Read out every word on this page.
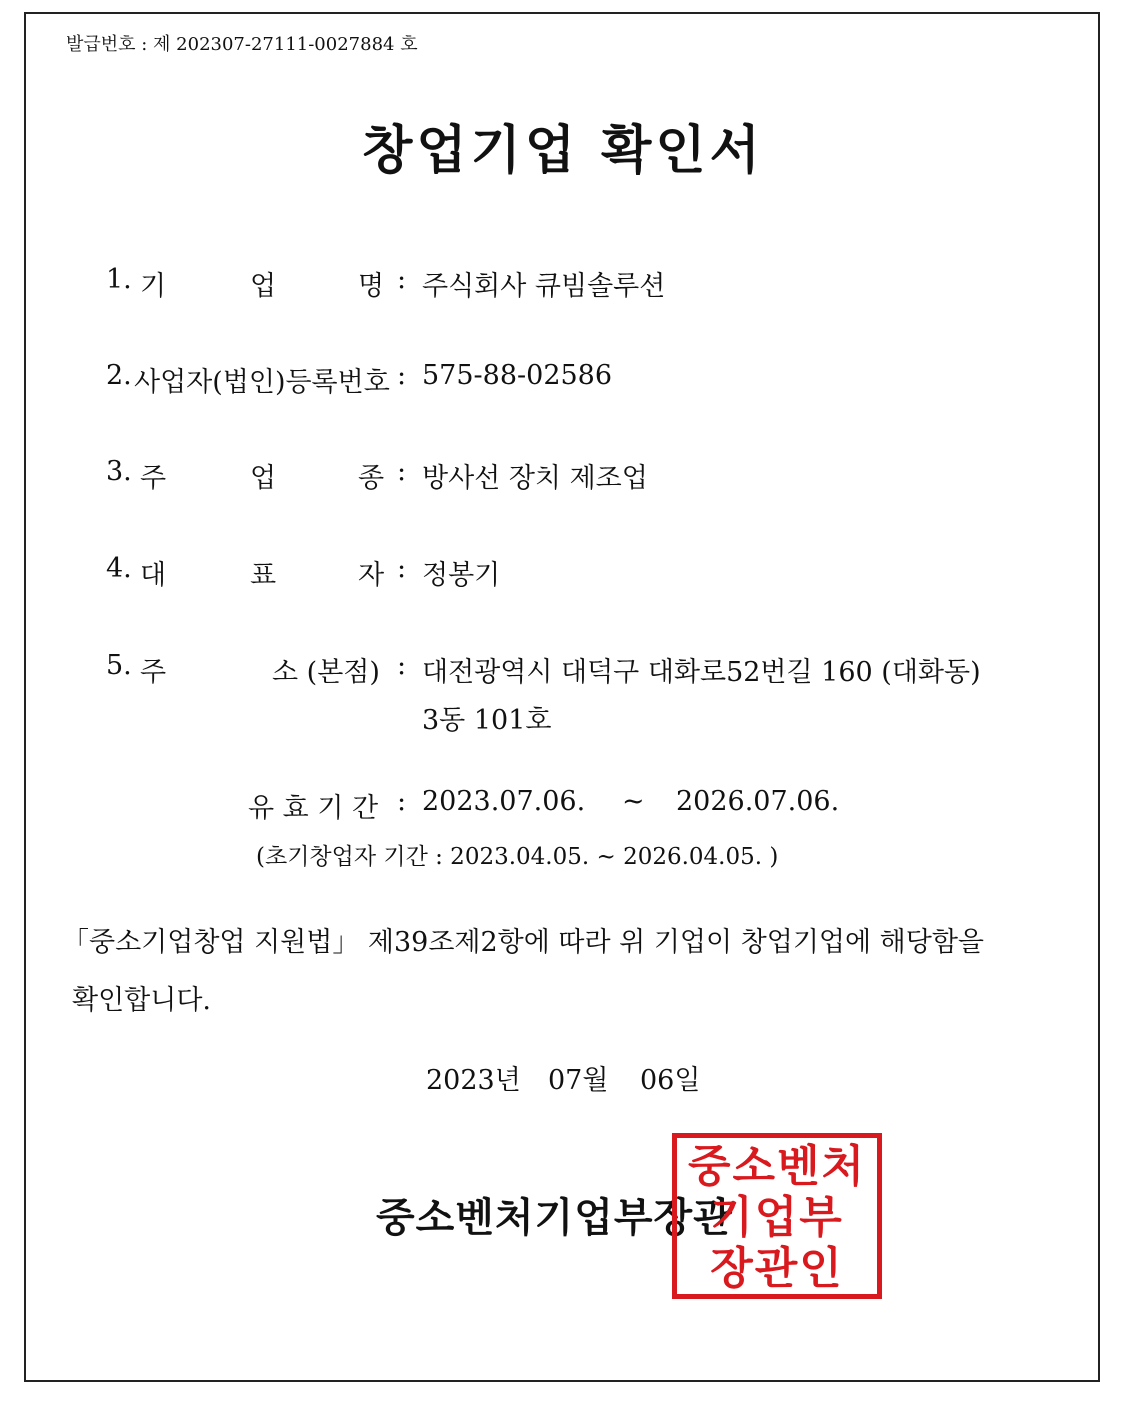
발급번호 : 제 202307-27111-0027884 호
창업기업 확인서
1. 기	업	명 : 주식회사 큐빔솔루션
2. 사업자(법인)등록번호 : 575-88-02586
3. 주	업	종 : 방사선 장치 제조업
4. 대	표	자 : 정봉기
5. 주	소 (본점) : 대전광역시 대덕구 대화로52번길 160 (대화동)
3동 101호
유 효 기 간 : 2023.07.06. ~ 2026.07.06.
(초기창업자 기간 : 2023.04.05. ~ 2026.04.05. )
「중소기업창업 지원법」 제39조제2항에 따라 위 기업이 창업기업에 해당함을
확인합니다.
2023년 07월 06일
중소벤처기업부장관
중소벤처
기업부
장관인
